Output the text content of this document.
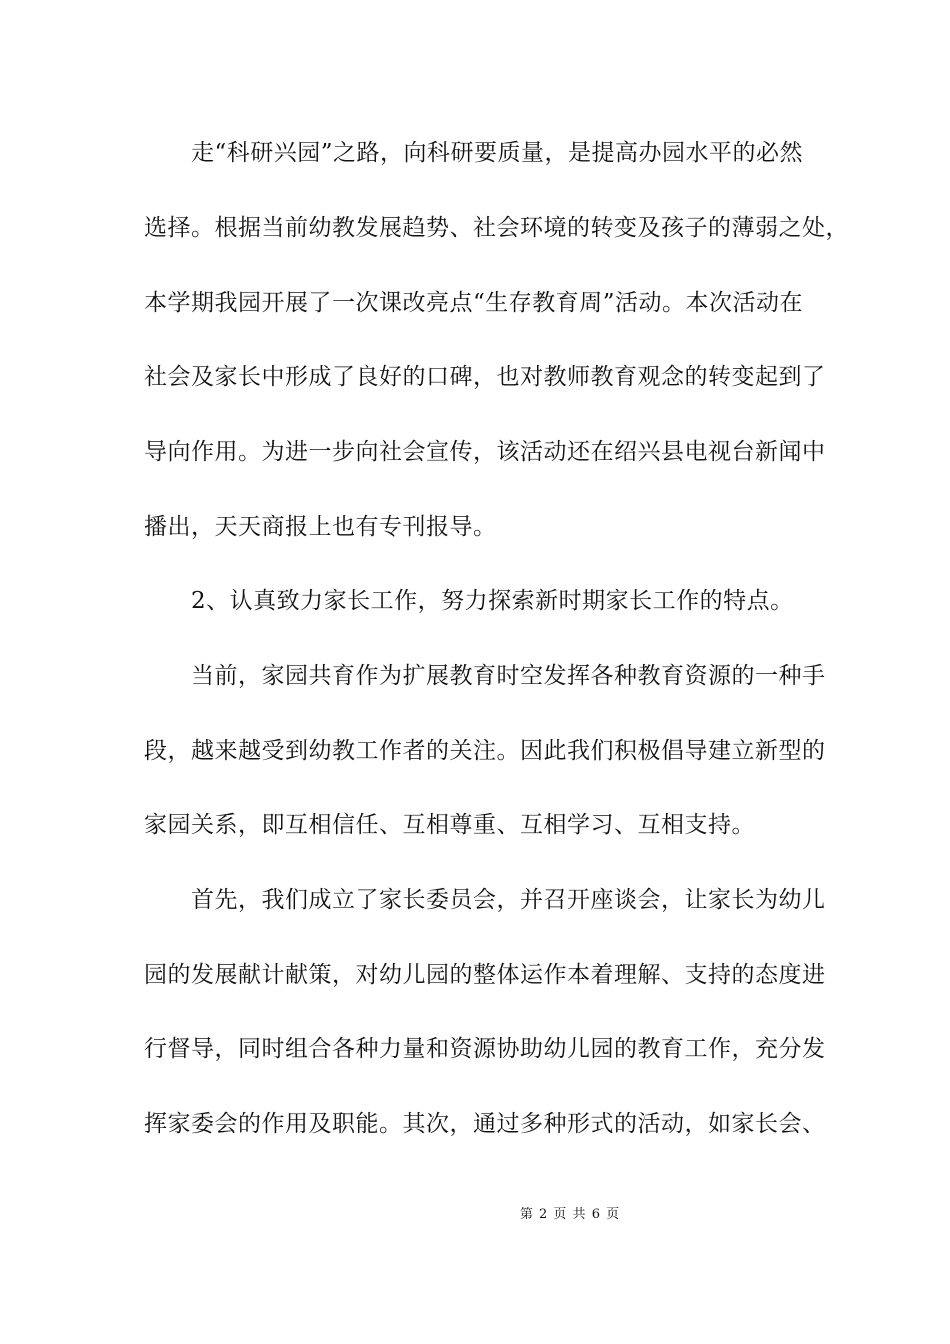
　　走“科研兴园”之路，向科研要质量，是提高办园水平的必然
选择。根据当前幼教发展趋势、社会环境的转变及孩子的薄弱之处，
本学期我园开展了一次课改亮点“生存教育周”活动。本次活动在
社会及家长中形成了良好的口碑，也对教师教育观念的转变起到了
导向作用。为进一步向社会宣传，该活动还在绍兴县电视台新闻中
播出，天天商报上也有专刊报导。
　　2、认真致力家长工作，努力探索新时期家长工作的特点。
　　当前，家园共育作为扩展教育时空发挥各种教育资源的一种手
段，越来越受到幼教工作者的关注。因此我们积极倡导建立新型的
家园关系，即互相信任、互相尊重、互相学习、互相支持。
　　首先，我们成立了家长委员会，并召开座谈会，让家长为幼儿
园的发展献计献策，对幼儿园的整体运作本着理解、支持的态度进
行督导，同时组合各种力量和资源协助幼儿园的教育工作，充分发
挥家委会的作用及职能。其次，通过多种形式的活动，如家长会、
第 2 页 共 6 页
